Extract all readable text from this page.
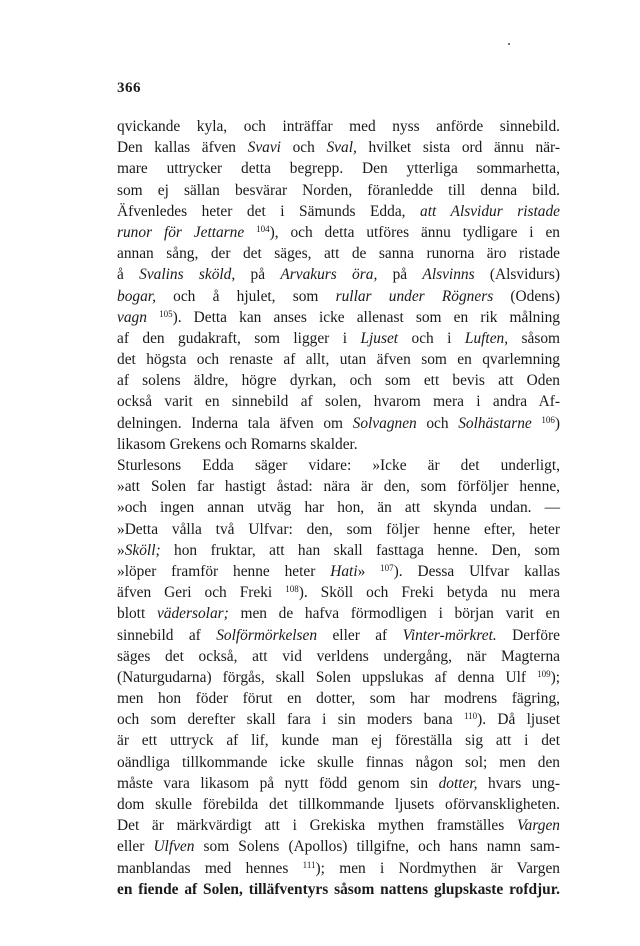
366
qvickande kyla, och inträffar med nyss anförde sinnebild.
Den kallas äfven Svavi och Sval, hvilket sista ord ännu när-
mare uttrycker detta begrepp. Den ytterliga sommarhetta,
som ej sällan besvärar Norden, föranledde till denna bild.
Äfvenledes heter det i Sämunds Edda, att Alsvidur ristade
runor för Jettarne $^{104}$), och detta utföres ännu tydligare i en
annan sång, der det säges, att de sanna runorna äro ristade
å Svalins sköld, på Arvakurs öra, på Alsvinns (Alsvidurs)
bogar, och å hjulet, som rullar under Rögners (Odens)
vagn $^{105}$). Detta kan anses icke allenast som en rik målning
af den gudakraft, som ligger i Ljuset och i Luften, såsom
det högsta och renaste af allt, utan äfven som en qvarlemning
af solens äldre, högre dyrkan, och som ett bevis att Oden
också varit en sinnebild af solen, hvarom mera i andra Af-
delningen. Inderna tala äfven om Solvagnen och Solhästarne $^{106}$)
likasom Grekens och Romarns skalder.
Sturlesons Edda säger vidare: »Icke är det underligt,
»att Solen far hastigt åstad: nära är den, som förföljer henne,
»och ingen annan utväg har hon, än att skynda undan. —
»Detta vålla två Ulfvar: den, som följer henne efter, heter
»Sköll; hon fruktar, att han skall fasttaga henne. Den, som
»löper framför henne heter Hati» $^{107}$). Dessa Ulfvar kallas
äfven Geri och Freki $^{108}$). Sköll och Freki betyda nu mera
blott vädersolar; men de hafva förmodligen i början varit en
sinnebild af Solförmörkelsen eller af Vinter-mörkret. Derföre
säges det också, att vid verldens undergång, när Magterna
(Naturgudarna) förgås, skall Solen uppslukas af denna Ulf $^{109}$);
men hon föder förut en dotter, som har modrens fägring,
och som derefter skall fara i sin moders bana $^{110}$). Då ljuset
är ett uttryck af lif, kunde man ej föreställa sig att i det
oändliga tillkommande icke skulle finnas någon sol; men den
måste vara likasom på nytt född genom sin dotter, hvars ung-
dom skulle förebilda det tillkommande ljusets oförvanskligheten.
Det är märkvärdigt att i Grekiska mythen framställes Vargen
eller Ulfven som Solens (Apollos) tillgifne, och hans namn sam-
manblandas med hennes $^{111}$); men i Nordmythen är Vargen
en fiende af Solen, tilläfventyrs såsom nattens glupskaste rofdjur.
